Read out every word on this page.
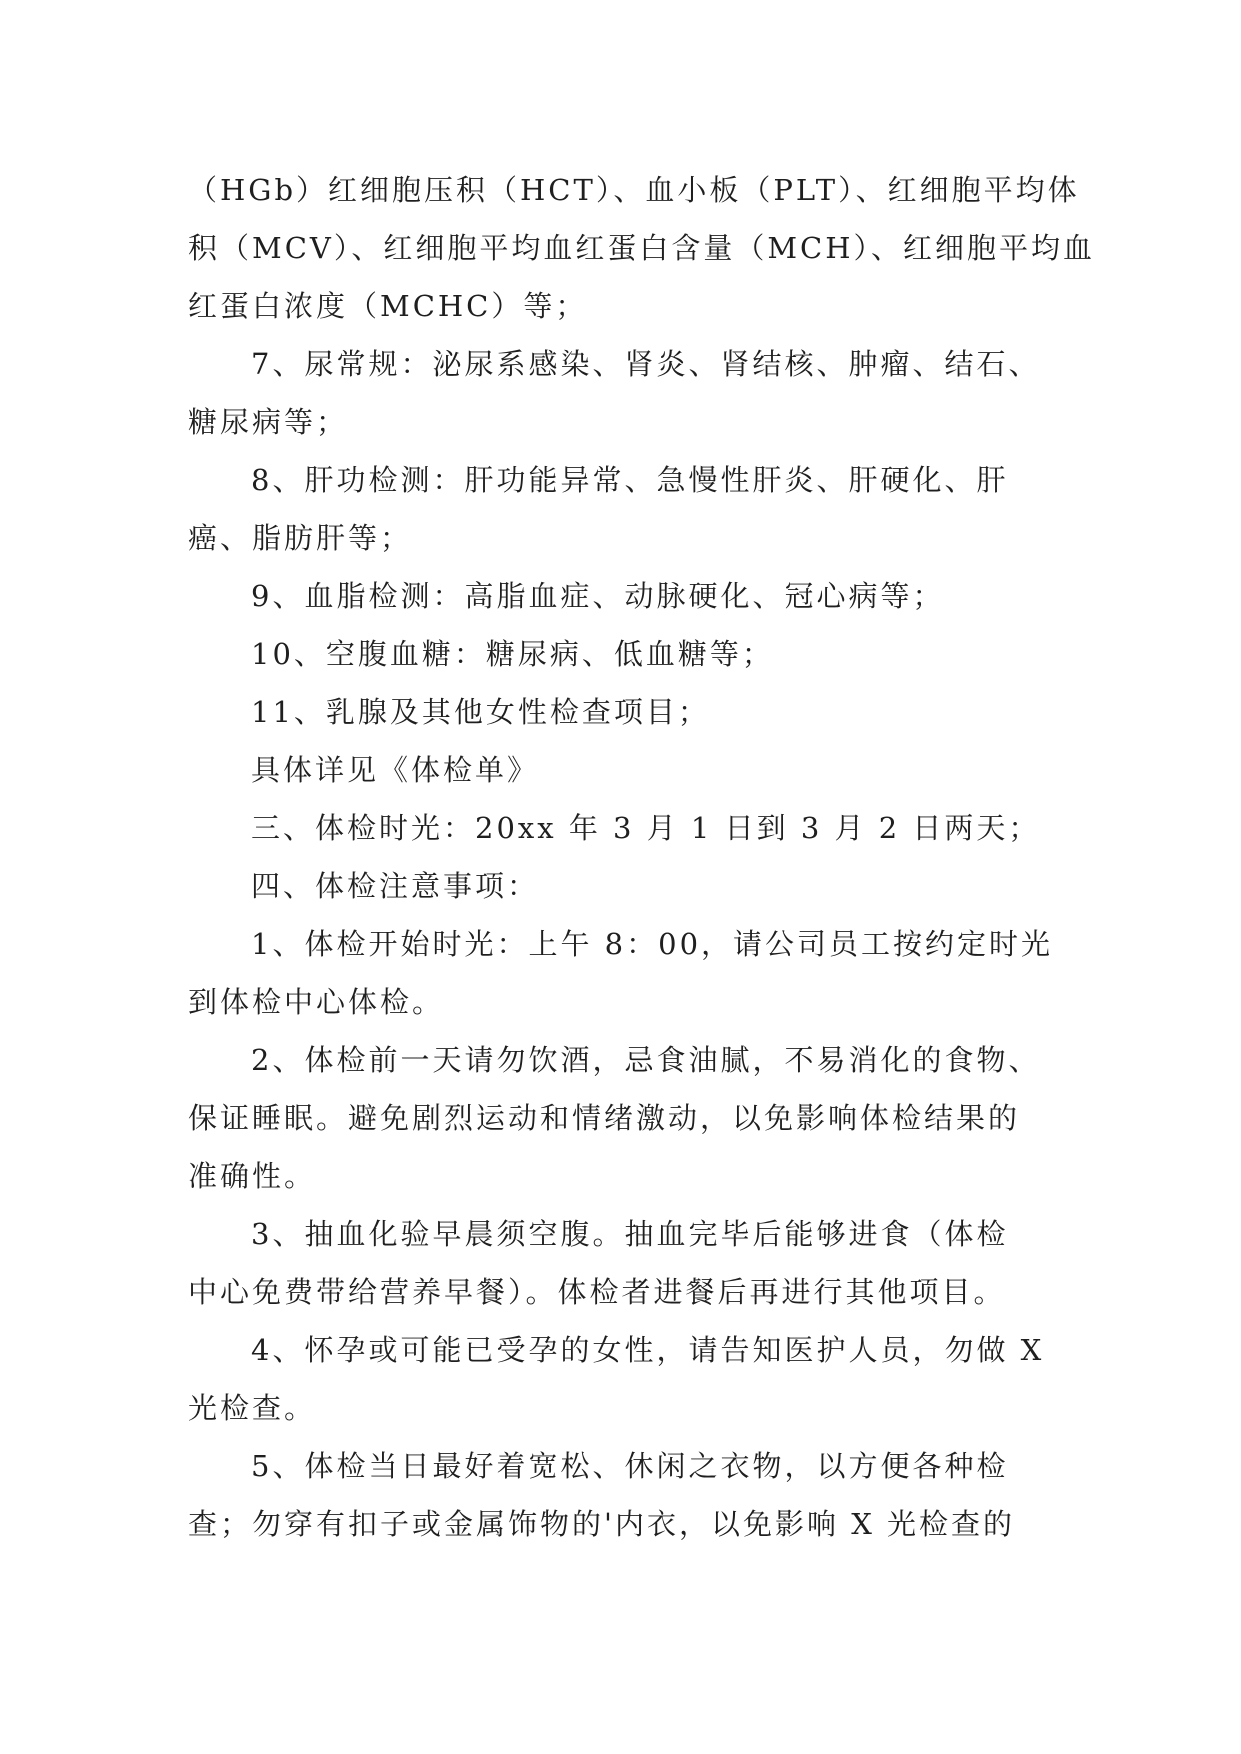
（HGb）红细胞压积（HCT）、血小板（PLT）、红细胞平均体
积（MCV）、红细胞平均血红蛋白含量（MCH）、红细胞平均血
红蛋白浓度（MCHC）等；
7、尿常规：泌尿系感染、肾炎、肾结核、肿瘤、结石、
糖尿病等；
8、肝功检测：肝功能异常、急慢性肝炎、肝硬化、肝
癌、脂肪肝等；
9、血脂检测：高脂血症、动脉硬化、冠心病等；
10、空腹血糖：糖尿病、低血糖等；
11、乳腺及其他女性检查项目；
具体详见《体检单》
三、体检时光：20xx 年 3 月 1 日到 3 月 2 日两天；
四、体检注意事项：
1、体检开始时光：上午 8：00，请公司员工按约定时光
到体检中心体检。
2、体检前一天请勿饮酒，忌食油腻，不易消化的食物、
保证睡眠。避免剧烈运动和情绪激动，以免影响体检结果的
准确性。
3、抽血化验早晨须空腹。抽血完毕后能够进食（体检
中心免费带给营养早餐）。体检者进餐后再进行其他项目。
4、怀孕或可能已受孕的女性，请告知医护人员，勿做 X
光检查。
5、体检当日最好着宽松、休闲之衣物，以方便各种检
查；勿穿有扣子或金属饰物的'内衣，以免影响 X 光检查的
